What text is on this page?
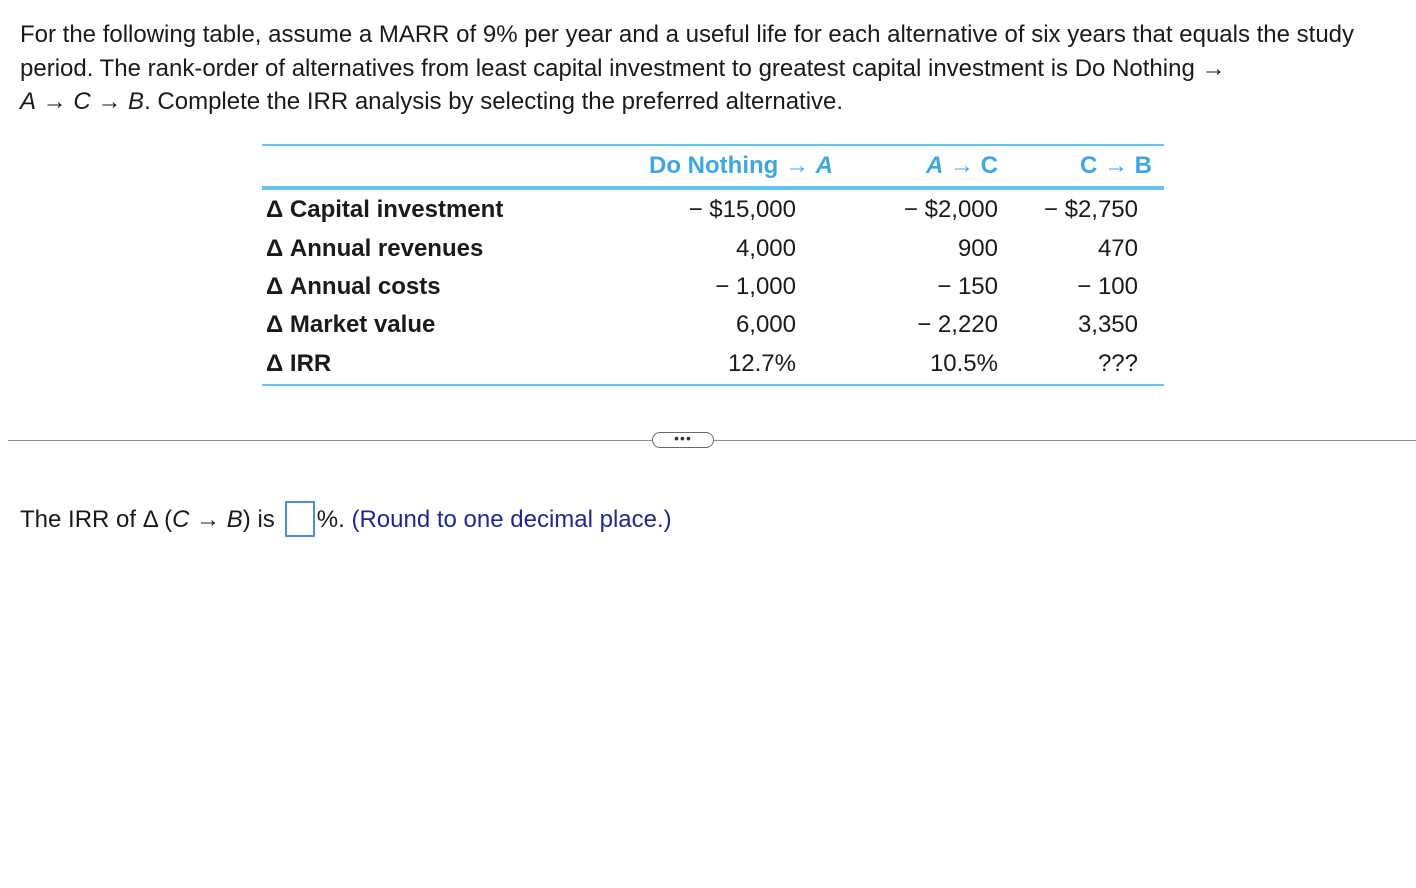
For the following table, assume a MARR of 9% per year and a useful life for each alternative of six years that equals the study period. The rank-order of alternatives from least capital investment to greatest capital investment is Do Nothing →
A → C → B. Complete the IRR analysis by selecting the preferred alternative.

	Do Nothing → A	A → C	C → B
Δ Capital investment	− $15,000	− $2,000	− $2,750
Δ Annual revenues	4,000	900	470
Δ Annual costs	− 1,000	− 150	− 100
Δ Market value	6,000	− 2,220	3,350
Δ IRR	12.7%	10.5%	???
•••
The IRR of Δ (C → B) is %. (Round to one decimal place.)
